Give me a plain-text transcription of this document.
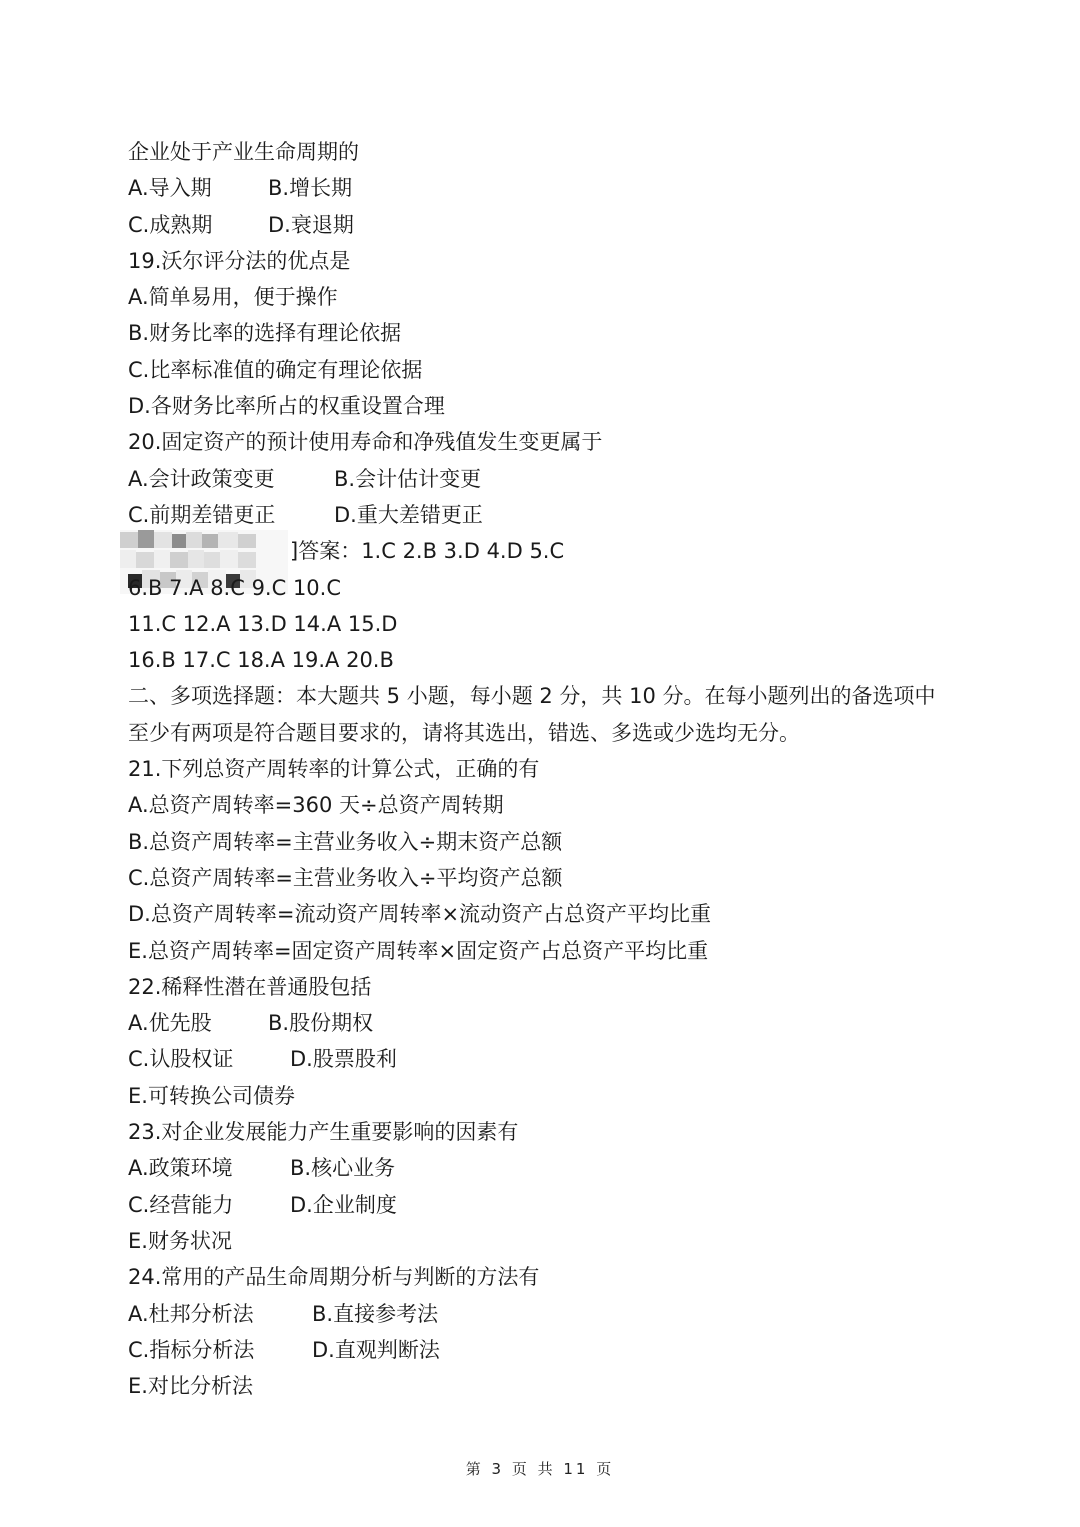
企业处于产业生命周期的
A.导入期	B.增长期
C.成熟期	D.衰退期
19.沃尔评分法的优点是
A.简单易用，便于操作
B.财务比率的选择有理论依据
C.比率标准值的确定有理论依据
D.各财务比率所占的权重设置合理
20.固定资产的预计使用寿命和净残值发生变更属于
A.会计政策变更	B.会计估计变更
C.前期差错更正	D.重大差错更正
]答案：1.C 2.B 3.D 4.D 5.C
6.B 7.A 8.C 9.C 10.C
11.C 12.A 13.D 14.A 15.D
16.B 17.C 18.A 19.A 20.B
二、多项选择题：本大题共 5 小题，每小题 2 分，共 10 分。在每小题列出的备选项中
至少有两项是符合题目要求的，请将其选出，错选、多选或少选均无分。
21.下列总资产周转率的计算公式，正确的有
A.总资产周转率=360 天÷总资产周转期
B.总资产周转率=主营业务收入÷期末资产总额
C.总资产周转率=主营业务收入÷平均资产总额
D.总资产周转率=流动资产周转率×流动资产占总资产平均比重
E.总资产周转率=固定资产周转率×固定资产占总资产平均比重
22.稀释性潜在普通股包括
A.优先股	B.股份期权
C.认股权证	D.股票股利
E.可转换公司债券
23.对企业发展能力产生重要影响的因素有
A.政策环境	B.核心业务
C.经营能力	D.企业制度
E.财务状况
24.常用的产品生命周期分析与判断的方法有
A.杜邦分析法	B.直接参考法
C.指标分析法	D.直观判断法
E.对比分析法
第 3 页 共 11 页
